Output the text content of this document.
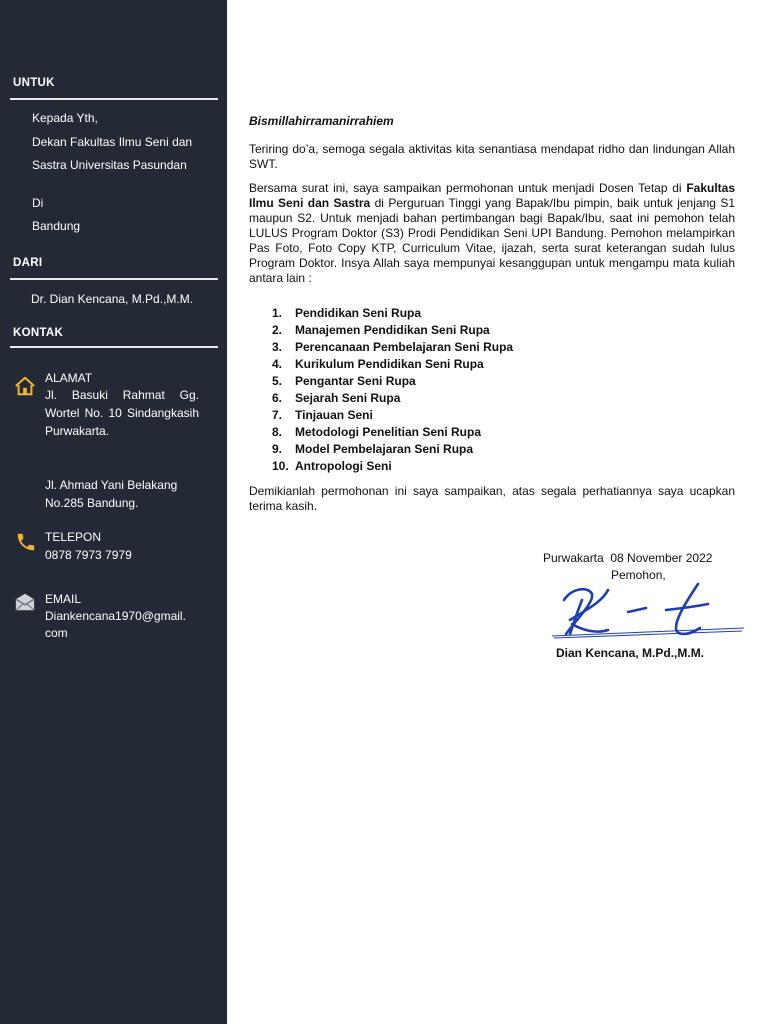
UNTUK
Kepada Yth,
Dekan Fakultas Ilmu Seni dan
Sastra Universitas Pasundan
Di
Bandung
DARI
Dr. Dian Kencana, M.Pd.,M.M.
KONTAK
ALAMAT
Jl. Basuki Rahmat Gg. Wortel No. 10 Sindangkasih Purwakarta.
Jl. Ahmad Yani Belakang No.285 Bandung.
TELEPON
0878 7973 7979
EMAIL
Diankencana1970@gmail.
com
Bismillahirramanirrahiem

Teriring do’a, semoga segala aktivitas kita senantiasa mendapat ridho dan lindungan Allah SWT.

Bersama surat ini, saya sampaikan permohonan untuk menjadi Dosen Tetap di Fakultas Ilmu Seni dan Sastra di Perguruan Tinggi yang Bapak/Ibu pimpin, baik untuk jenjang S1 maupun S2. Untuk menjadi bahan pertimbangan bagi Bapak/Ibu, saat ini pemohon telah LULUS Program Doktor (S3) Prodi Pendidikan Seni UPI Bandung. Pemohon melampirkan Pas Foto, Foto Copy KTP, Curriculum Vitae, ijazah, serta surat keterangan sudah lulus Program Doktor. Insya Allah saya mempunyai kesanggupan untuk mengampu mata kuliah antara lain :

1. Pendidikan Seni Rupa
2. Manajemen Pendidikan Seni Rupa
3. Perencanaan Pembelajaran Seni Rupa
4. Kurikulum Pendidikan Seni Rupa
5. Pengantar Seni Rupa
6. Sejarah Seni Rupa
7. Tinjauan Seni
8. Metodologi Penelitian Seni Rupa
9. Model Pembelajaran Seni Rupa
10. Antropologi Seni

Demikianlah permohonan ini saya sampaikan, atas segala perhatiannya saya ucapkan terima kasih.

Purwakarta  08 November 2022
Pemohon,
Dian Kencana, M.Pd.,M.M.
